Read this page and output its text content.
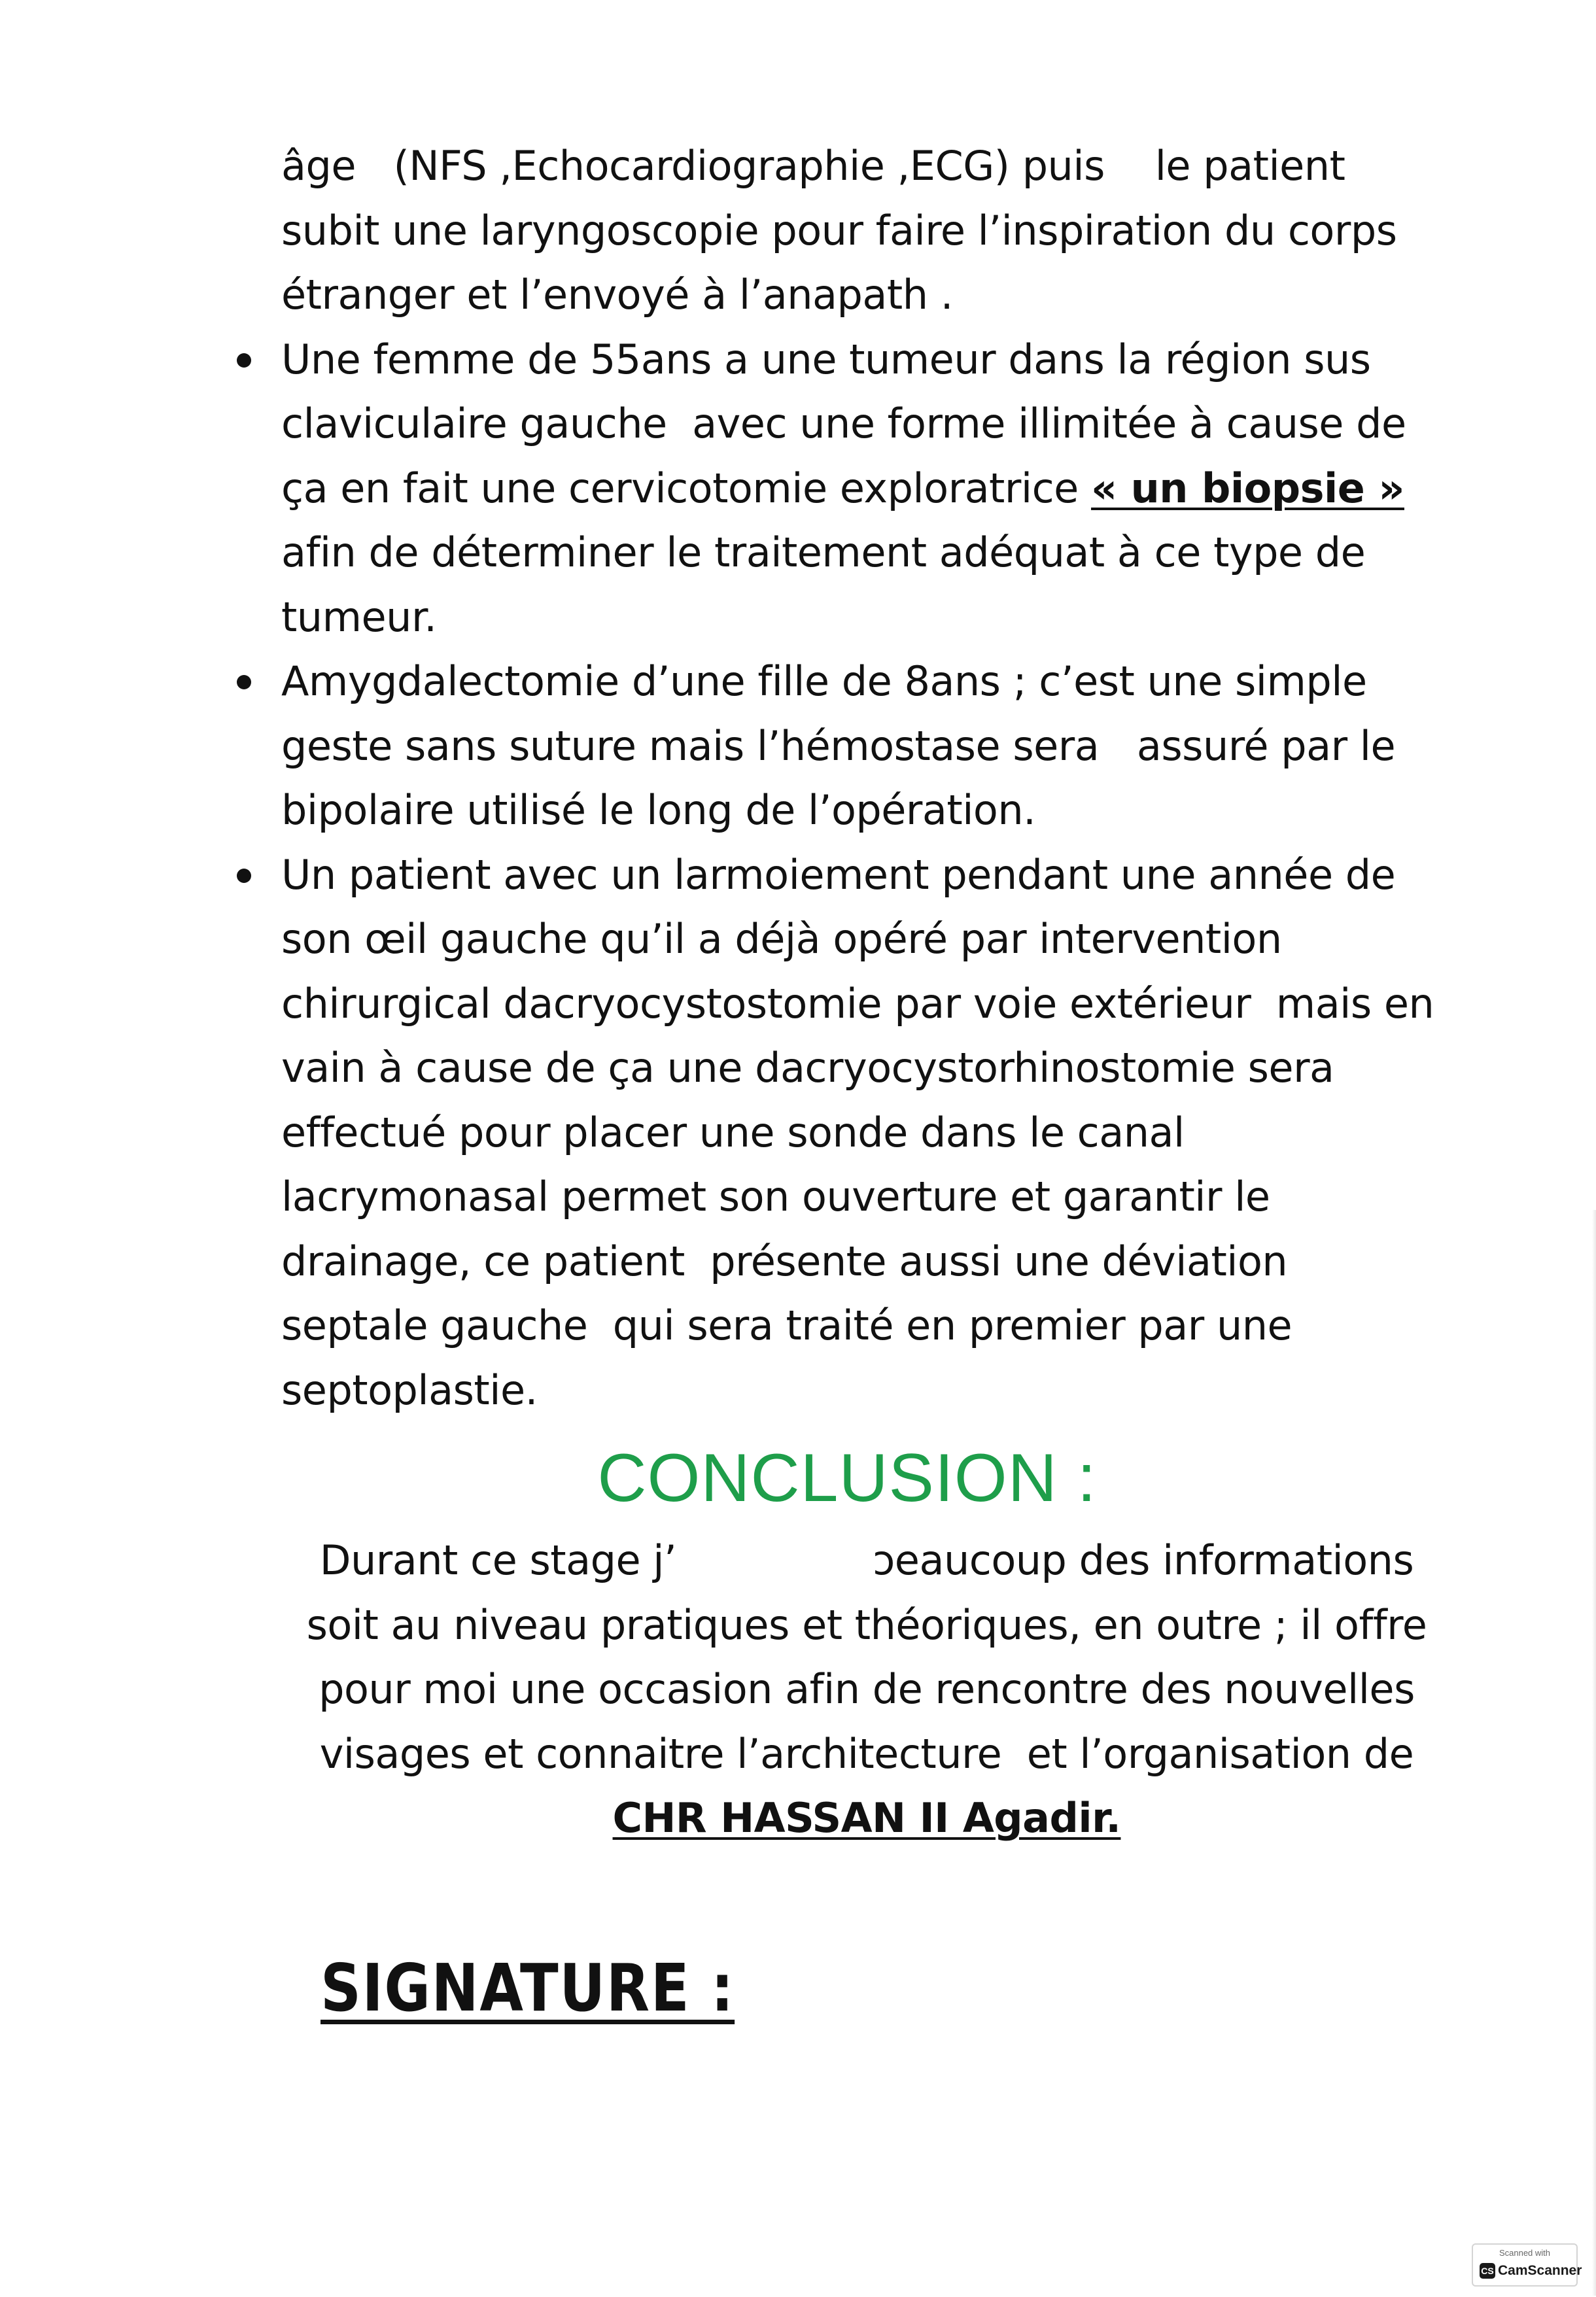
âge   (NFS ,Echocardiographie ,ECG) puis    le patient
subit une laryngoscopie pour faire l’inspiration du corps
étranger et l’envoyé à l’anapath .

Une femme de 55ans a une tumeur dans la région sus
claviculaire gauche  avec une forme illimitée à cause de
ça en fait une cervicotomie exploratrice « un biopsie »
afin de déterminer le traitement adéquat à ce type de
tumeur.
Amygdalectomie d’une fille de 8ans ; c’est une simple
geste sans suture mais l’hémostase sera   assuré par le
bipolaire utilisé le long de l’opération.
Un patient avec un larmoiement pendant une année de
son œil gauche qu’il a déjà opéré par intervention
chirurgical dacryocystostomie par voie extérieur  mais en
vain à cause de ça une dacryocystorhinostomie sera
effectué pour placer une sonde dans le canal
lacrymonasal permet son ouverture et garantir le
drainage, ce patient  présente aussi une déviation
septale gauche  qui sera traité en premier par une
septoplastie.
CONCLUSION :
Durant ce stage j’	ɔeaucoup des informations
soit au niveau pratiques et théoriques, en outre ; il offre
pour moi une occasion afin de rencontre des nouvelles
visages et connaitre l’architecture  et l’organisation de
CHR HASSAN II Agadir.
SIGNATURE :
Scanned with
CS CamScanner
